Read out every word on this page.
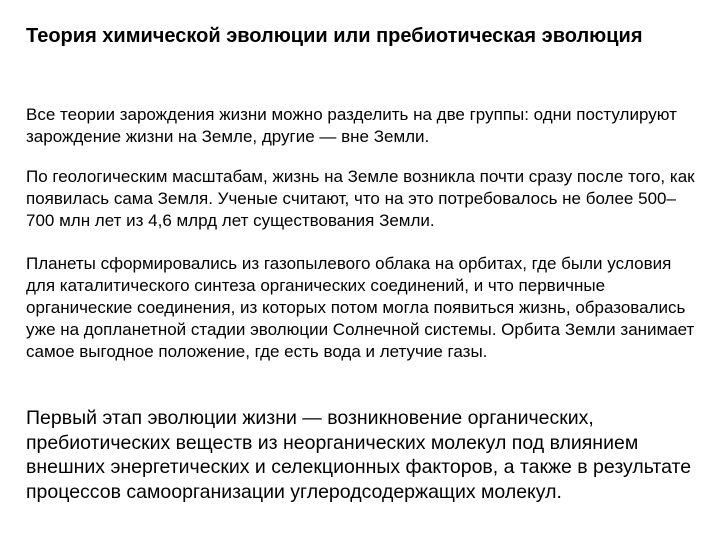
Теория химической эволюции или пребиотическая эволюция

Все теории зарождения жизни можно разделить на две группы: одни постулируют зарождение жизни на Земле, другие — вне Земли.

По геологическим масштабам, жизнь на Земле возникла почти сразу после того, как появилась сама Земля. Ученые считают, что на это потребовалось не более 500–700 млн лет из 4,6 млрд лет существования Земли.

Планеты сформировались из газопылевого облака на орбитах, где были условия для каталитического синтеза органических соединений, и что первичные органические соединения, из которых потом могла появиться жизнь, образовались уже на допланетной стадии эволюции Солнечной системы. Орбита Земли занимает самое выгодное положение, где есть вода и летучие газы.

Первый этап эволюции жизни — возникновение органических, пребиотических веществ из неорганических молекул под влиянием внешних энергетических и селекционных факторов, а также в результате процессов самоорганизации углеродсодержащих молекул.
